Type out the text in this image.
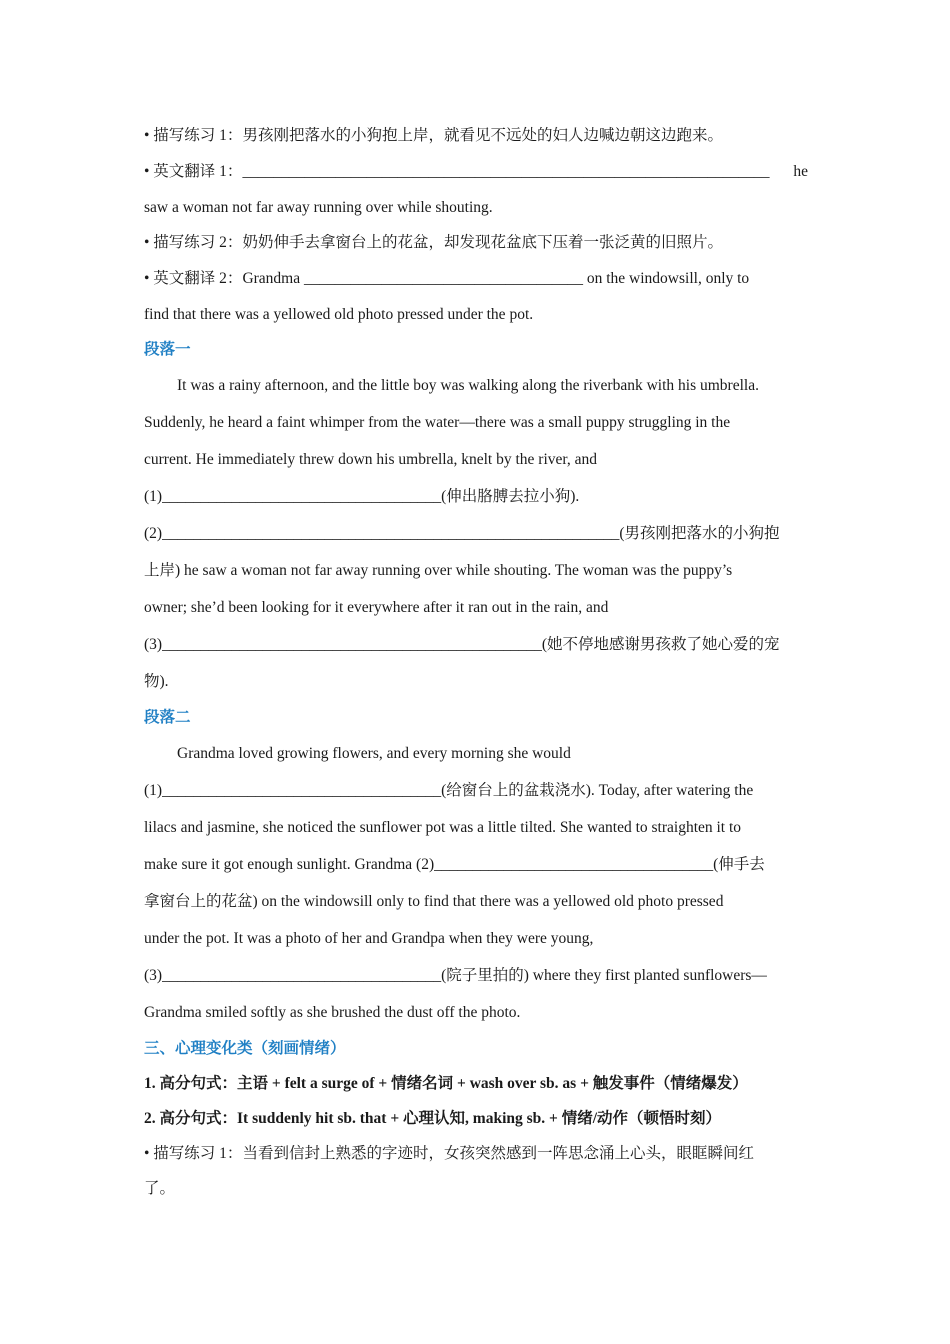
• 描写练习 1：男孩刚把落水的小狗抱上岸，就看见不远处的妇人边喊边朝这边跑来。
• 英文翻译 1：____________________________________________________________________ he
saw a woman not far away running over while shouting.
• 描写练习 2：奶奶伸手去拿窗台上的花盆，却发现花盆底下压着一张泛黄的旧照片。
• 英文翻译 2：Grandma ____________________________________ on the windowsill, only to
find that there was a yellowed old photo pressed under the pot.
段落一
It was a rainy afternoon, and the little boy was walking along the riverbank with his umbrella.
Suddenly, he heard a faint whimper from the water—there was a small puppy struggling in the
current. He immediately threw down his umbrella, knelt by the river, and
(1)____________________________________(伸出胳膊去拉小狗).
(2)___________________________________________________________(男孩刚把落水的小狗抱
上岸) he saw a woman not far away running over while shouting. The woman was the puppy’s
owner; she’d been looking for it everywhere after it ran out in the rain, and
(3)_________________________________________________(她不停地感谢男孩救了她心爱的宠
物).
段落二
Grandma loved growing flowers, and every morning she would
(1)____________________________________(给窗台上的盆栽浇水). Today, after watering the
lilacs and jasmine, she noticed the sunflower pot was a little tilted. She wanted to straighten it to
make sure it got enough sunlight. Grandma (2)____________________________________(伸手去
拿窗台上的花盆) on the windowsill only to find that there was a yellowed old photo pressed
under the pot. It was a photo of her and Grandpa when they were young,
(3)____________________________________(院子里拍的) where they first planted sunflowers—
Grandma smiled softly as she brushed the dust off the photo.
三、心理变化类（刻画情绪）
1. 高分句式：主语 + felt a surge of + 情绪名词 + wash over sb. as + 触发事件（情绪爆发）
2. 高分句式：It suddenly hit sb. that + 心理认知, making sb. + 情绪/动作（顿悟时刻）
• 描写练习 1：当看到信封上熟悉的字迹时，女孩突然感到一阵思念涌上心头，眼眶瞬间红
了。
